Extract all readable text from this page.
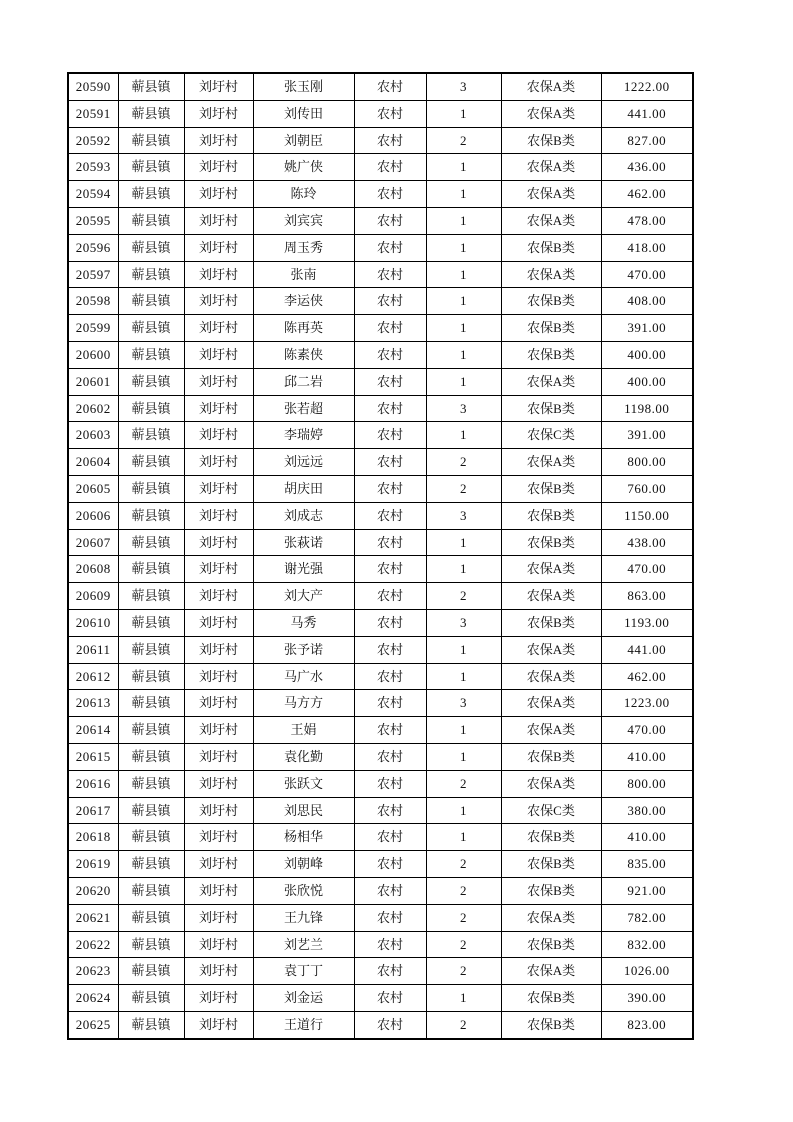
20590	蕲县镇	刘圩村	张玉刚	农村	3	农保A类	1222.00
20591	蕲县镇	刘圩村	刘传田	农村	1	农保A类	441.00
20592	蕲县镇	刘圩村	刘朝臣	农村	2	农保B类	827.00
20593	蕲县镇	刘圩村	姚广侠	农村	1	农保A类	436.00
20594	蕲县镇	刘圩村	陈玲	农村	1	农保A类	462.00
20595	蕲县镇	刘圩村	刘宾宾	农村	1	农保A类	478.00
20596	蕲县镇	刘圩村	周玉秀	农村	1	农保B类	418.00
20597	蕲县镇	刘圩村	张南	农村	1	农保A类	470.00
20598	蕲县镇	刘圩村	李运侠	农村	1	农保B类	408.00
20599	蕲县镇	刘圩村	陈再英	农村	1	农保B类	391.00
20600	蕲县镇	刘圩村	陈素侠	农村	1	农保B类	400.00
20601	蕲县镇	刘圩村	邱二岩	农村	1	农保A类	400.00
20602	蕲县镇	刘圩村	张若超	农村	3	农保B类	1198.00
20603	蕲县镇	刘圩村	李瑞婷	农村	1	农保C类	391.00
20604	蕲县镇	刘圩村	刘远远	农村	2	农保A类	800.00
20605	蕲县镇	刘圩村	胡庆田	农村	2	农保B类	760.00
20606	蕲县镇	刘圩村	刘成志	农村	3	农保B类	1150.00
20607	蕲县镇	刘圩村	张萩诺	农村	1	农保B类	438.00
20608	蕲县镇	刘圩村	谢光强	农村	1	农保A类	470.00
20609	蕲县镇	刘圩村	刘大产	农村	2	农保A类	863.00
20610	蕲县镇	刘圩村	马秀	农村	3	农保B类	1193.00
20611	蕲县镇	刘圩村	张予诺	农村	1	农保A类	441.00
20612	蕲县镇	刘圩村	马广水	农村	1	农保A类	462.00
20613	蕲县镇	刘圩村	马方方	农村	3	农保A类	1223.00
20614	蕲县镇	刘圩村	王娟	农村	1	农保A类	470.00
20615	蕲县镇	刘圩村	袁化勤	农村	1	农保B类	410.00
20616	蕲县镇	刘圩村	张跃文	农村	2	农保A类	800.00
20617	蕲县镇	刘圩村	刘思民	农村	1	农保C类	380.00
20618	蕲县镇	刘圩村	杨相华	农村	1	农保B类	410.00
20619	蕲县镇	刘圩村	刘朝峰	农村	2	农保B类	835.00
20620	蕲县镇	刘圩村	张欣悦	农村	2	农保B类	921.00
20621	蕲县镇	刘圩村	王九锋	农村	2	农保A类	782.00
20622	蕲县镇	刘圩村	刘艺兰	农村	2	农保B类	832.00
20623	蕲县镇	刘圩村	袁丁丁	农村	2	农保A类	1026.00
20624	蕲县镇	刘圩村	刘金运	农村	1	农保B类	390.00
20625	蕲县镇	刘圩村	王道行	农村	2	农保B类	823.00
